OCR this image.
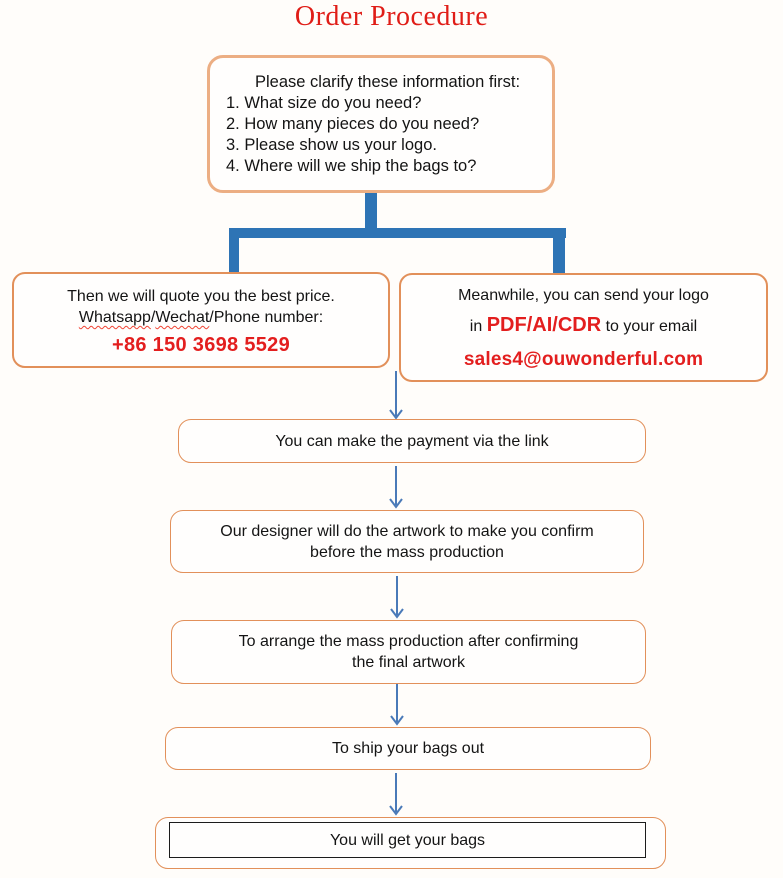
Order Procedure
Please clarify these information first:
1. What size do you need?
2. How many pieces do you need?
3. Please show us your logo.
4. Where will we ship the bags to?
Then we will quote you the best price.
Whatsapp/Wechat/Phone number:
+86 150 3698 5529
Meanwhile, you can send your logo
in PDF/AI/CDR to your email
sales4@ouwonderful.com
You can make the payment via the link
Our designer will do the artwork to make you confirm
before the mass production
To arrange the mass production after confirming
the final artwork
To ship your bags out
You will get your bags
